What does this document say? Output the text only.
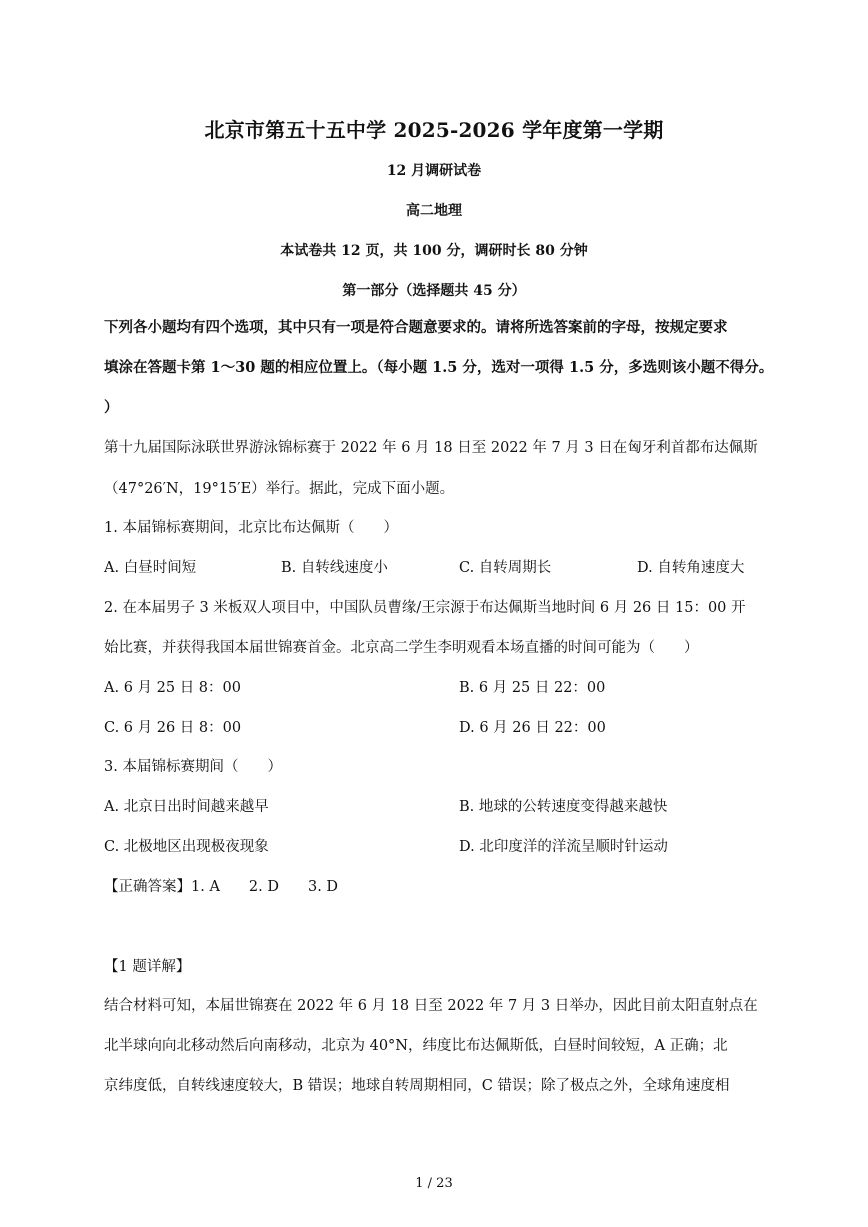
北京市第五十五中学 2025-2026 学年度第一学期
12 月调研试卷
高二地理
本试卷共 12 页，共 100 分，调研时长 80 分钟
第一部分（选择题共 45 分）
下列各小题均有四个选项，其中只有一项是符合题意要求的。请将所选答案前的字母，按规定要求
填涂在答题卡第 1～30 题的相应位置上。（每小题 1.5 分，选对一项得 1.5 分，多选则该小题不得分。
）
第十九届国际泳联世界游泳锦标赛于 2022 年 6 月 18 日至 2022 年 7 月 3 日在匈牙利首都布达佩斯
（47°26′N，19°15′E）举行。据此，完成下面小题。
1. 本届锦标赛期间，北京比布达佩斯（　　）
A. 白昼时间短	B. 自转线速度小	C. 自转周期长	D. 自转角速度大
2. 在本届男子 3 米板双人项目中，中国队员曹缘/王宗源于布达佩斯当地时间 6 月 26 日 15：00 开
始比赛，并获得我国本届世锦赛首金。北京高二学生李明观看本场直播的时间可能为（　　）
A. 6 月 25 日 8：00	B. 6 月 25 日 22：00
C. 6 月 26 日 8：00	D. 6 月 26 日 22：00
3. 本届锦标赛期间（　　）
A. 北京日出时间越来越早	B. 地球的公转速度变得越来越快
C. 北极地区出现极夜现象	D. 北印度洋的洋流呈顺时针运动
【正确答案】1. A　　2. D　　3. D
【1 题详解】
结合材料可知，本届世锦赛在 2022 年 6 月 18 日至 2022 年 7 月 3 日举办，因此目前太阳直射点在
北半球向向北移动然后向南移动，北京为 40°N，纬度比布达佩斯低，白昼时间较短，A 正确；北
京纬度低，自转线速度较大，B 错误；地球自转周期相同，C 错误；除了极点之外，全球角速度相
1 / 23
